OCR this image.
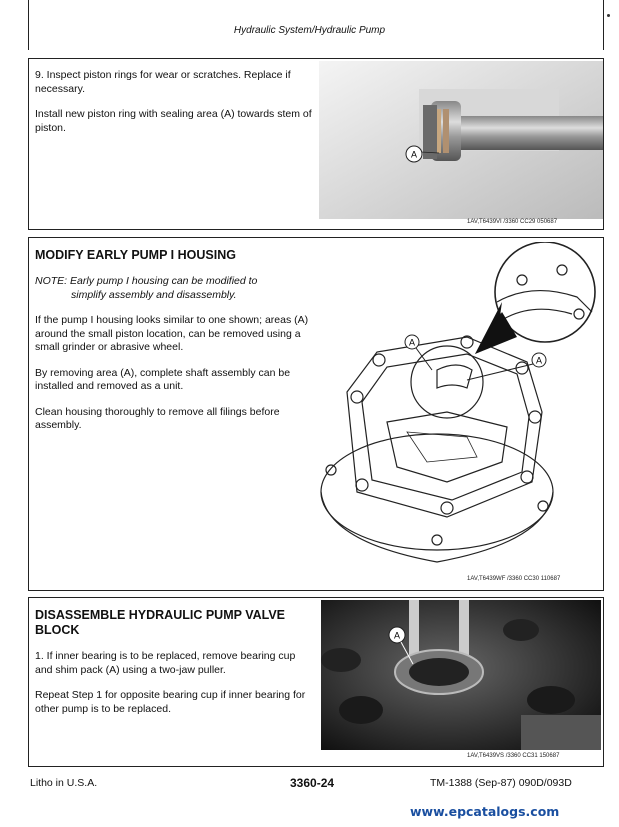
Hydraulic System/Hydraulic Pump

9. Inspect piston rings for wear or scratches. Replace if necessary.

Install new piston ring with sealing area (A) towards stem of piston.

A
1AV,T6439VI /3360 CC29 050687
MODIFY EARLY PUMP I HOUSING

NOTE: Early pump I housing can be modified to
simplify assembly and disassembly.

If the pump I housing looks similar to one shown; areas (A) around the small piston location, can be removed using a small grinder or abrasive wheel.

By removing area (A), complete shaft assembly can be installed and removed as a unit.

Clean housing thoroughly to remove all filings before assembly.

A
A
1AV,T6439WF /3360 CC30 110687
DISASSEMBLE HYDRAULIC PUMP VALVE BLOCK

1. If inner bearing is to be replaced, remove bearing cup and shim pack (A) using a two-jaw puller.

Repeat Step 1 for opposite bearing cup if inner bearing for other pump is to be replaced.

A
1AV,T6439VS /3360 CC31 150687
Litho in U.S.A.	3360-24	TM-1388 (Sep-87) 090D/093D
www.epcatalogs.com
